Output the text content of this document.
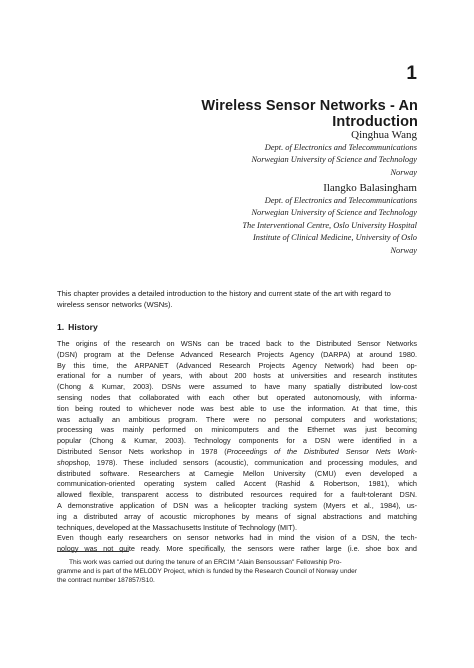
1
Wireless Sensor Networks - An Introduction
Qinghua Wang
Dept. of Electronics and Telecommunications
Norwegian University of Science and Technology
Norway
Ilangko Balasingham
Dept. of Electronics and Telecommunications
Norwegian University of Science and Technology
The Interventional Centre, Oslo University Hospital
Institute of Clinical Medicine, University of Oslo
Norway
This chapter provides a detailed introduction to the history and current state of the art with regard to wireless sensor networks (WSNs).
1. History
The origins of the research on WSNs can be traced back to the Distributed Sensor Networks
(DSN) program at the Defense Advanced Research Projects Agency (DARPA) at around 1980.
By this time, the ARPANET (Advanced Research Projects Agency Network) had been op-
erational for a number of years, with about 200 hosts at universities and research institutes
(Chong & Kumar, 2003). DSNs were assumed to have many spatially distributed low-cost
sensing nodes that collaborated with each other but operated autonomously, with informa-
tion being routed to whichever node was best able to use the information. At that time, this
was actually an ambitious program. There were no personal computers and workstations;
processing was mainly performed on minicomputers and the Ethernet was just becoming
popular (Chong & Kumar, 2003). Technology components for a DSN were identified in a
Distributed Sensor Nets workshop in 1978 (Proceedings of the Distributed Sensor Nets Work-
shopshop, 1978). These included sensors (acoustic), communication and processing modules, and
distributed software. Researchers at Carnegie Mellon University (CMU) even developed a
communication-oriented operating system called Accent (Rashid & Robertson, 1981), which
allowed flexible, transparent access to distributed resources required for a fault-tolerant DSN.
A demonstrative application of DSN was a helicopter tracking system (Myers et al., 1984), us-
ing a distributed array of acoustic microphones by means of signal abstractions and matching
techniques, developed at the Massachusetts Institute of Technology (MIT).
Even though early researchers on sensor networks had in mind the vision of a DSN, the tech-
nology was not quite ready. More specifically, the sensors were rather large (i.e. shoe box and
This work was carried out during the tenure of an ERCIM "Alain Bensoussan" Fellowship Pro-
gramme and is part of the MELODY Project, which is funded by the Research Council of Norway under
the contract number 187857/S10.
